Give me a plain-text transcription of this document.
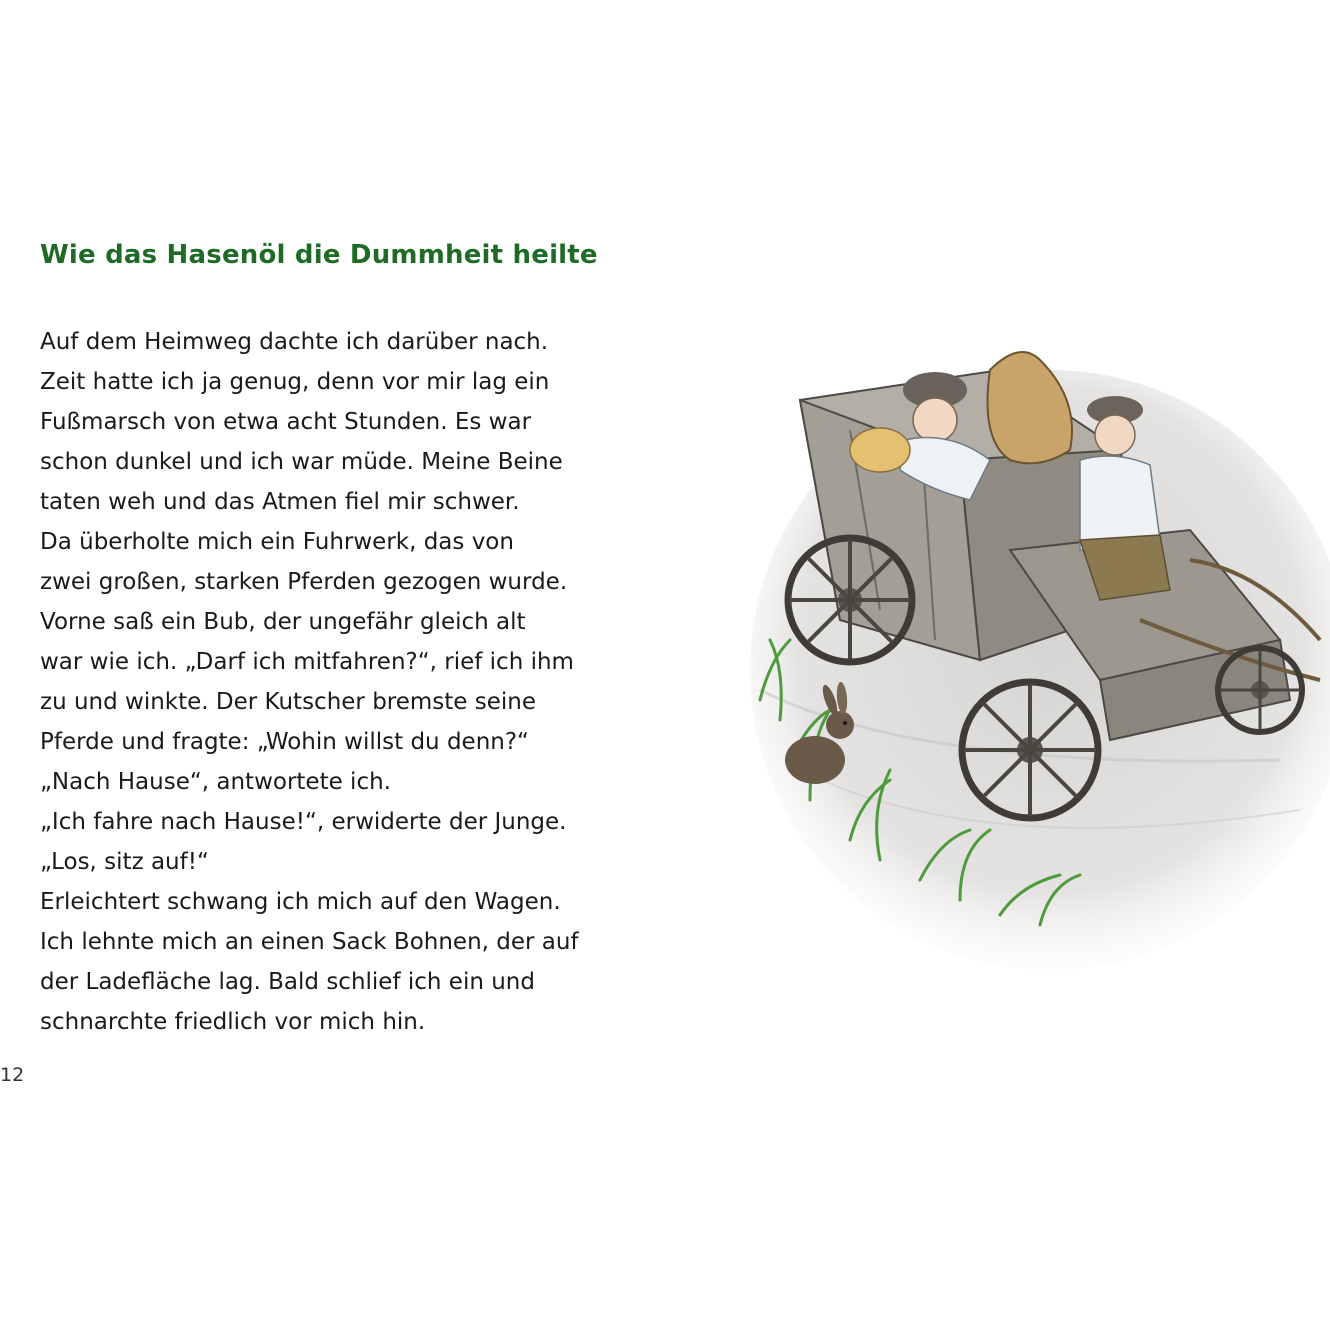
Wie das Hasenöl die Dummheit heilte
Auf dem Heimweg dachte ich darüber nach.
Zeit hatte ich ja genug, denn vor mir lag ein
Fußmarsch von etwa acht Stunden. Es war
schon dunkel und ich war müde. Meine Beine
taten weh und das Atmen fiel mir schwer.
Da überholte mich ein Fuhrwerk, das von
zwei großen, starken Pferden gezogen wurde.
Vorne saß ein Bub, der ungefähr gleich alt
war wie ich. „Darf ich mitfahren?“, rief ich ihm
zu und winkte. Der Kutscher bremste seine
Pferde und fragte: „Wohin willst du denn?“
„Nach Hause“, antwortete ich.
„Ich fahre nach Hause!“, erwiderte der Junge.
„Los, sitz auf!“
Erleichtert schwang ich mich auf den Wagen.
Ich lehnte mich an einen Sack Bohnen, der auf
der Ladefläche lag. Bald schlief ich ein und
schnarchte friedlich vor mich hin.
12
